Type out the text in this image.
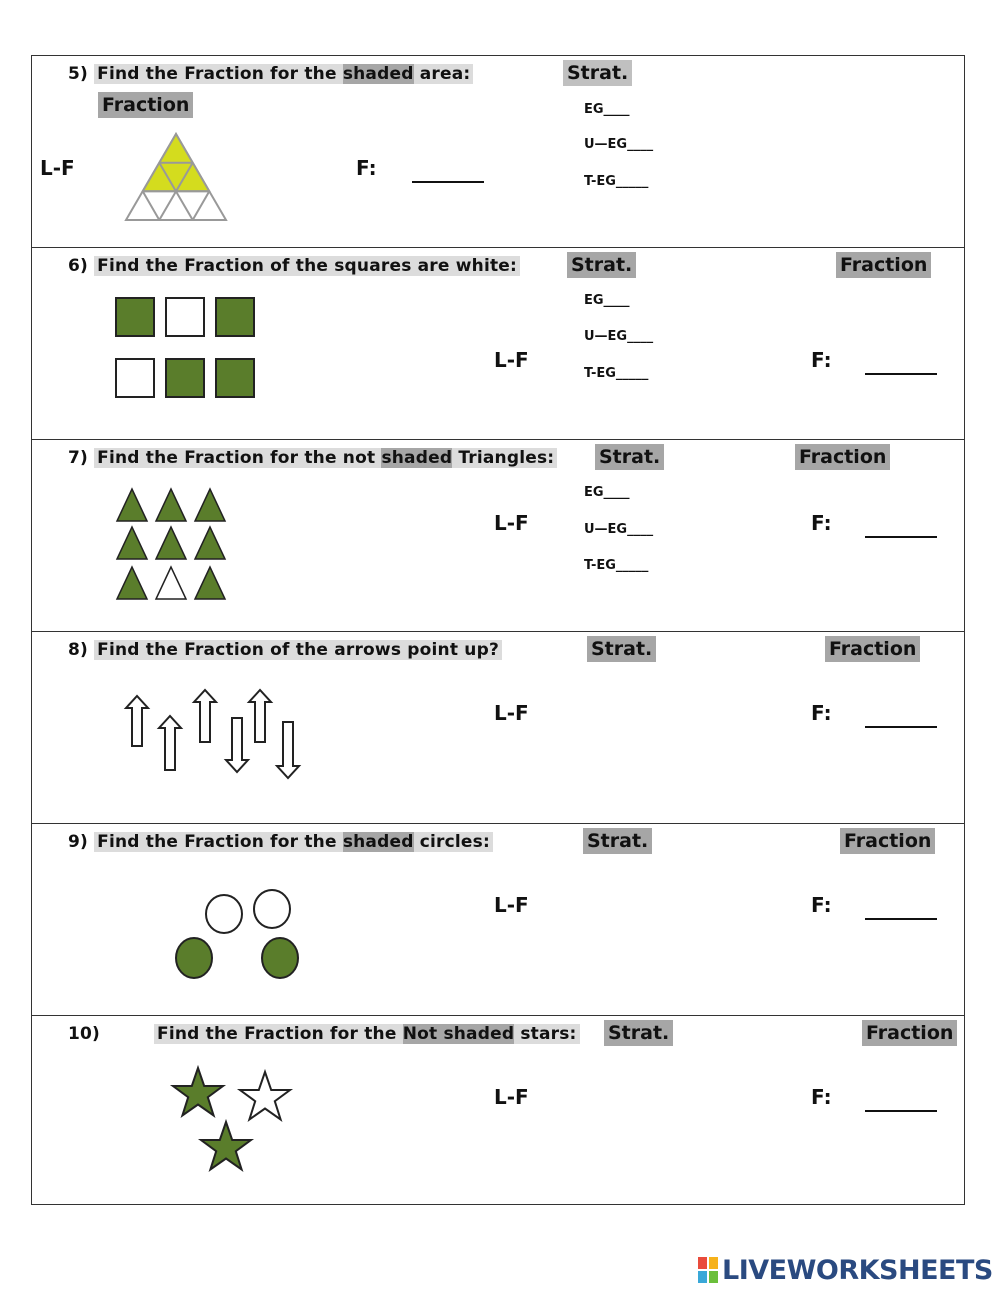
5) Find the Fraction for the shaded area:
Fraction
Strat.
EG____
U—EG____
T-EG_____
L-F	F:
6) Find the Fraction of the squares are white:	Strat.	Fraction
EG____
U—EG____
T-EG_____
L-F	F:
7) Find the Fraction for the not shaded Triangles: Strat.	Fraction
EG____
U—EG____
T-EG_____
L-F	F:
8) Find the Fraction of the arrows point up?	Strat.	Fraction
L-F	F:
9) Find the Fraction for the shaded circles:	Strat.	Fraction
L-F	F:
10)	Find the Fraction for the Not shaded stars: Strat.	Fraction
L-F	F:
LIVEWORKSHEETS
